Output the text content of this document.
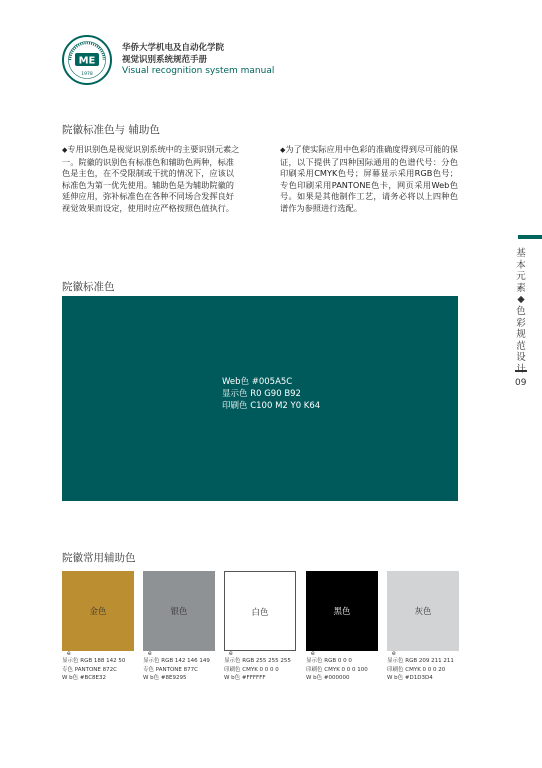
ME
1978
华侨大学机电及自动化学院
视觉识别系统规范手册
Visual recognition system manual
院徽标准色与 辅助色
◆专用识别色是视觉识别系统中的主要识别元素之一。院徽的识别色有标准色和辅助色两种，标准色是主色，在不受限制或干扰的情况下，应该以标准色为第一优先使用。辅助色是为辅助院徽的延伸应用，弥补标准色在各种不同场合发挥良好视觉效果而设定，使用时应严格按照色值执行。
◆为了使实际应用中色彩的准确度得到尽可能的保证，以下提供了四种国际通用的色谱代号：分色印刷采用CMYK色号；屏幕显示采用RGB色号；专色印刷采用PANTONE色卡，网页采用Web色号。如果是其他制作工艺，请务必将以上四种色谱作为参照进行选配。
基本元素◆色彩规范设
09
院徽标准色
Web色 #005A5C
显示色 R0 G90 B92
印刷色 C100 M2 Y0 K64
院徽常用辅助色
金色	银色	白色	黑色	灰色
e	e	e	e	e
显示色 RGB 188 142 50
专色 PANTONE 872C
W b色 #BC8E32
显示色 RGB 142 146 149
专色 PANTONE 877C
W b色 #8E9295
显示色 RGB 255 255 255
印刷色 CMYK 0 0 0 0
W b色 #FFFFFF
显示色 RGB 0 0 0
印刷色 CMYK 0 0 0 100
W b色 #000000
显示色 RGB 209 211 211
印刷色 CMYK 0 0 0 20
W b色 #D1D3D4
